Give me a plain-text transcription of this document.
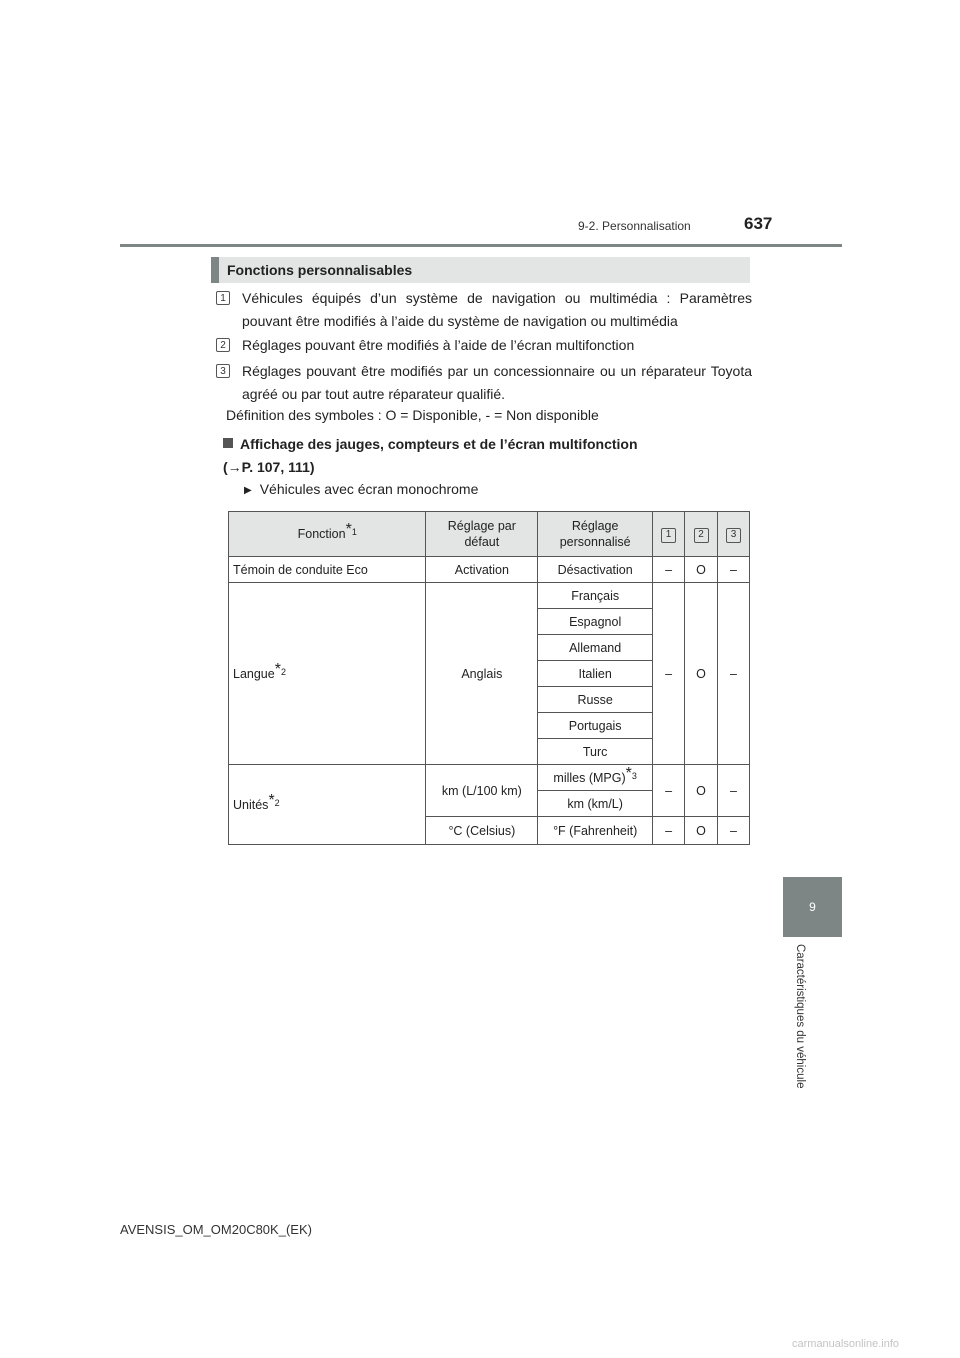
9-2. Personnalisation	637
9
Caractéristiques du véhicule
Fonctions personnalisables
1	Véhicules équipés d’un système de navigation ou multimédia : Paramètres pouvant être modifiés à l’aide du système de navigation ou multimédia
2	Réglages pouvant être modifiés à l’aide de l’écran multifonction
3	Réglages pouvant être modifiés par un concessionnaire ou un réparateur Toyota agréé ou par tout autre réparateur qualifié.
Définition des symboles : O = Disponible, - = Non disponible
Affichage des jauges, compteurs et de l’écran multifonction
(→P. 107, 111)
▶ Véhicules avec écran monochrome
Fonction*$_1$	Réglage par défaut	Réglage personnalisé	1	2	3
Témoin de conduite Eco	Activation	Désactivation	–	O	–
Langue*$_2$	Anglais	Français	–	O	–
		Espagnol			
		Allemand			
		Italien			
		Russe			
		Portugais			
		Turc			
Unités*$_2$	km (L/100 km)	milles $(MPG)^*_3$	–	O	–
		km (km/L)			
	°C (Celsius)	°F (Fahrenheit)	–	O	–
AVENSIS_OM_OM20C80K_(EK)
carmanualsonline.info
